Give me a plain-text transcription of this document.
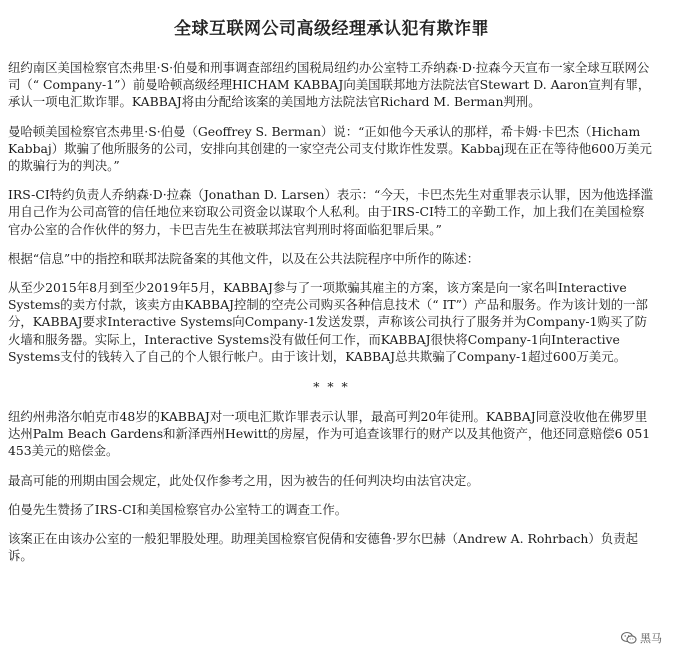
全球互联网公司高级经理承认犯有欺诈罪

纽约南区美国检察官杰弗里·S·伯曼和刑事调查部纽约国税局纽约办公室特工乔纳森·D·拉森今天宣布一家全球互联网公司（“ Company-1”）前曼哈顿高级经理HICHAM KABBAJ向美国联邦地方法院法官Stewart D. Aaron宣判有罪，承认一项电汇欺诈罪。KABBAJ将由分配给该案的美国地方法院法官Richard M. Berman判刑。

曼哈顿美国检察官杰弗里·S·伯曼（Geoffrey S. Berman）说：“正如他今天承认的那样，希卡姆·卡巴杰（Hicham Kabbaj）欺骗了他所服务的公司，安排向其创建的一家空壳公司支付欺诈性发票。Kabbaj现在正在等待他600万美元的欺骗行为的判决。”

IRS-CI特约负责人乔纳森·D·拉森（Jonathan D. Larsen）表示：“今天，卡巴杰先生对重罪表示认罪，因为他选择滥用自己作为公司高管的信任地位来窃取公司资金以谋取个人私利。由于IRS-CI特工的辛勤工作，加上我们在美国检察官办公室的合作伙伴的努力，卡巴吉先生在被联邦法官判刑时将面临犯罪后果。”

根据“信息”中的指控和联邦法院备案的其他文件，以及在公共法院程序中所作的陈述：

从至少2015年8月到至少2019年5月，KABBAJ参与了一项欺骗其雇主的方案，该方案是向一家名叫Interactive Systems的卖方付款，该卖方由KABBAJ控制的空壳公司购买各种信息技术（“ IT”）产品和服务。作为该计划的一部分，KABBAJ要求Interactive Systems向Company-1发送发票，声称该公司执行了服务并为Company-1购买了防火墙和服务器。实际上，Interactive Systems没有做任何工作，而KABBAJ很快将Company-1向Interactive Systems支付的钱转入了自己的个人银行帐户。由于该计划，KABBAJ总共欺骗了Company-1超过600万美元。

* * *

纽约州弗洛尔帕克市48岁的KABBAJ对一项电汇欺诈罪表示认罪，最高可判20年徒刑。KABBAJ同意没收他在佛罗里达州Palm Beach Gardens和新泽西州Hewitt的房屋，作为可追查该罪行的财产以及其他资产，他还同意赔偿6 051 453美元的赔偿金。

最高可能的刑期由国会规定，此处仅作参考之用，因为被告的任何判决均由法官决定。

伯曼先生赞扬了IRS-CI和美国检察官办公室特工的调查工作。

该案正在由该办公室的一般犯罪股处理。助理美国检察官倪倩和安德鲁·罗尔巴赫（Andrew A. Rohrbach）负责起诉。

黑马
